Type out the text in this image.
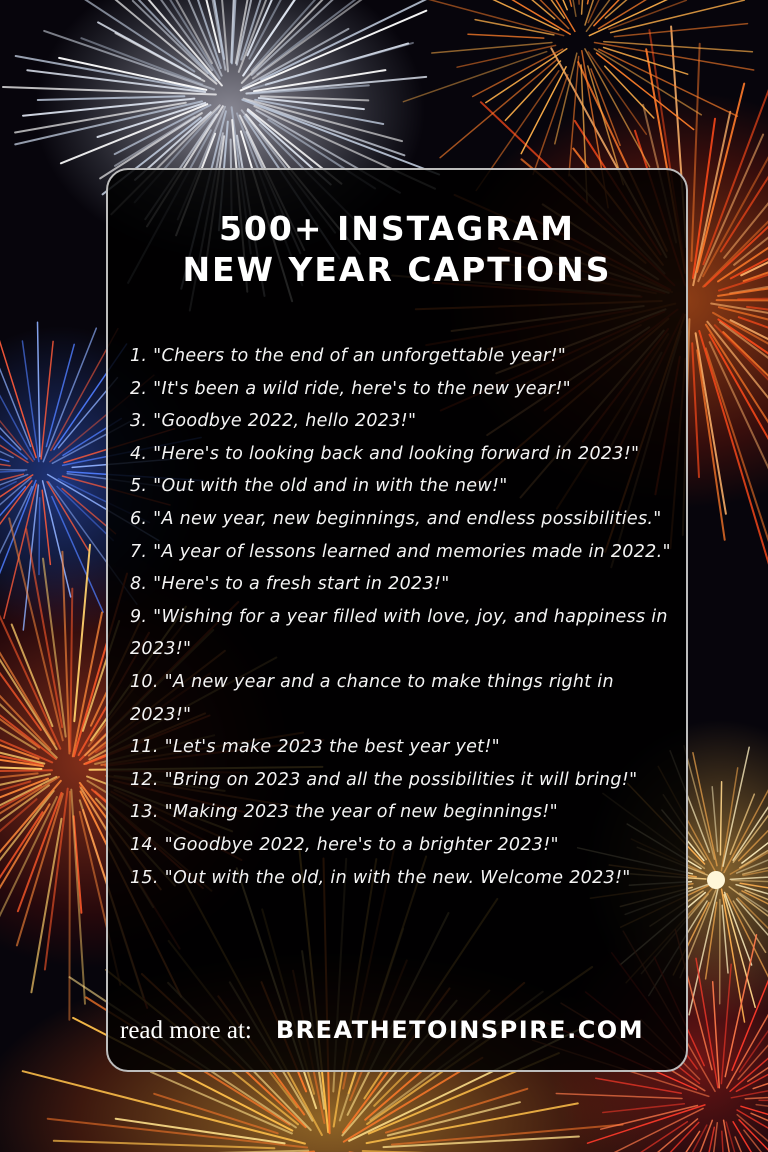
500+ INSTAGRAM
NEW YEAR CAPTIONS
1. "Cheers to the end of an unforgettable year!"
2. "It's been a wild ride, here's to the new year!"
3. "Goodbye 2022, hello 2023!"
4. "Here's to looking back and looking forward in 2023!"
5. "Out with the old and in with the new!"
6. "A new year, new beginnings, and endless possibilities."
7. "A year of lessons learned and memories made in 2022."
8. "Here's to a fresh start in 2023!"
9. "Wishing for a year filled with love, joy, and happiness in 2023!"
10. "A new year and a chance to make things right in 2023!"
11. "Let's make 2023 the best year yet!"
12. "Bring on 2023 and all the possibilities it will bring!"
13. "Making 2023 the year of new beginnings!"
14. "Goodbye 2022, here's to a brighter 2023!"
15. "Out with the old, in with the new. Welcome 2023!"
read more at: BREATHETOINSPIRE.COM
